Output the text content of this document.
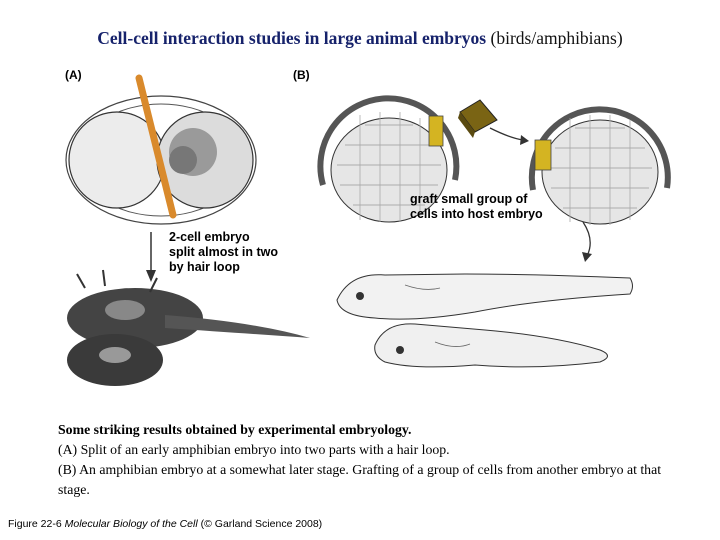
Cell-cell interaction studies in large animal embryos (birds/amphibians)
(A)	(B)
2-cell embryo
split almost in two
by hair loop
graft small group of
cells into host embryo
Some striking results obtained by experimental embryology.
(A) Split of an early amphibian embryo into two parts with a hair loop.
(B) An amphibian embryo at a somewhat later stage. Grafting of a group of cells from another embryo at that stage.
Figure 22-6 Molecular Biology of the Cell (© Garland Science 2008)
